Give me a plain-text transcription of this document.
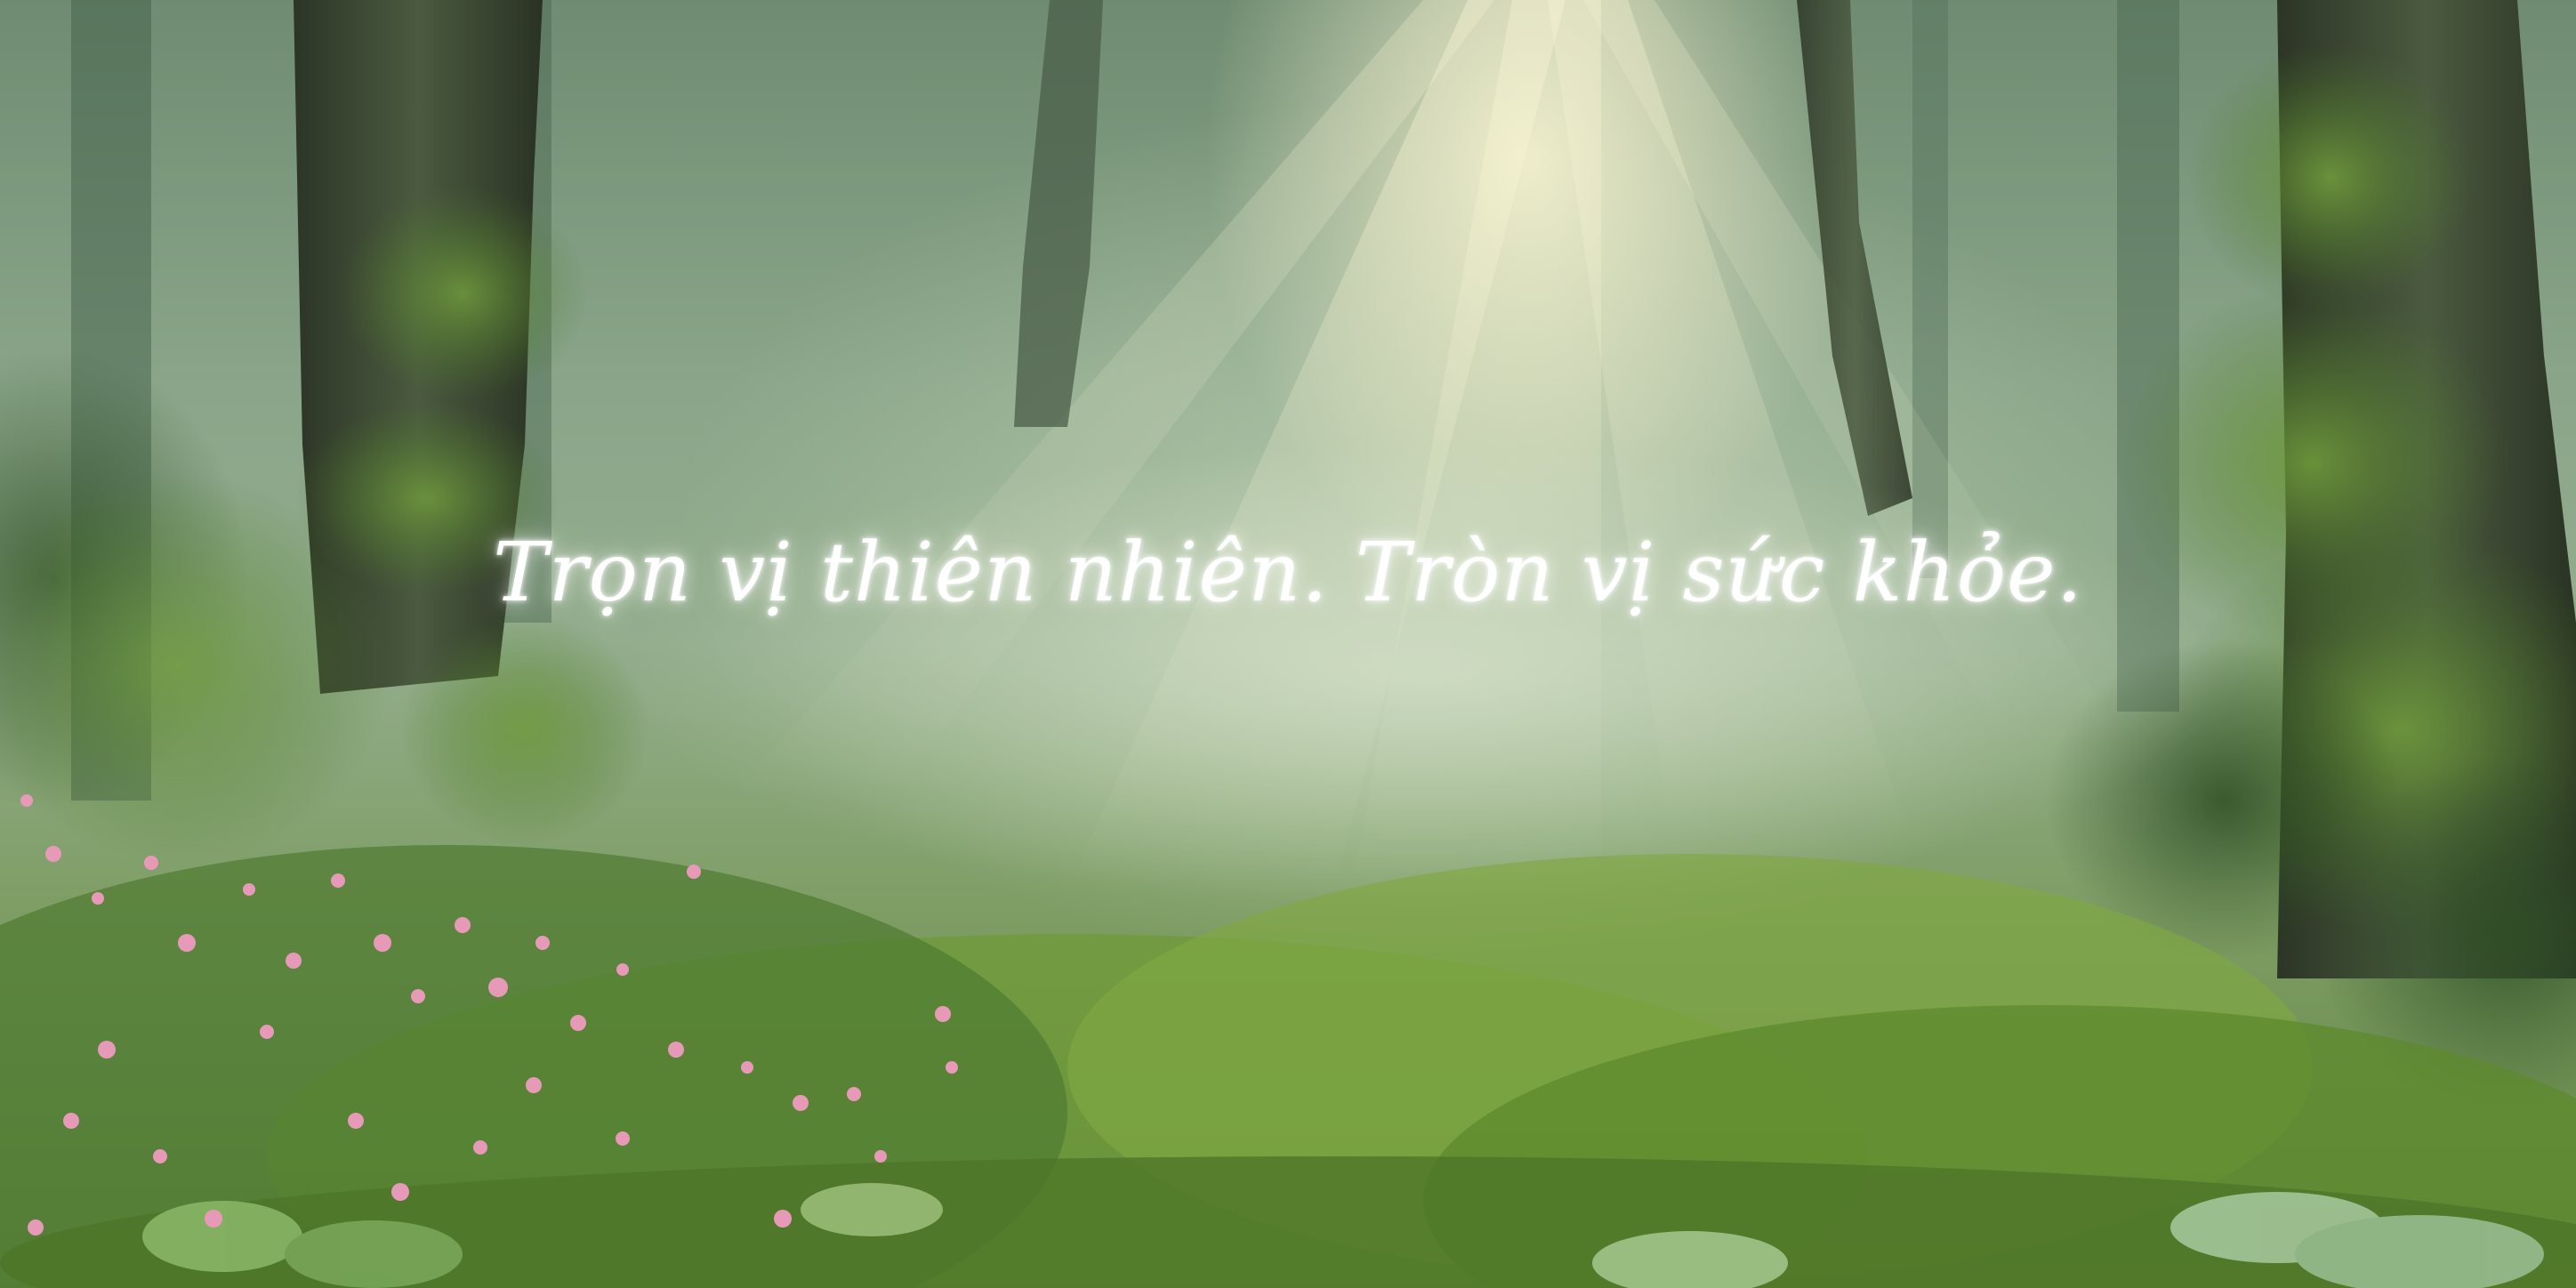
Trọn vị thiên nhiên. Tròn vị sức khỏe.
